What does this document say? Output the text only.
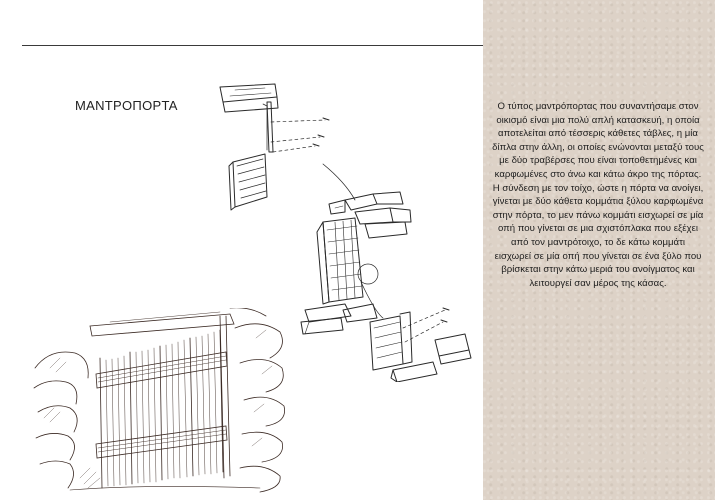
ΜΑΝΤΡΟΠΟΡΤΑ	Ο τύπος μαντρόπορτας που συναντήσαμε στον οικισμό είναι μια πολύ απλή κατασκευή, η οποία αποτελείται από τέσσερις κάθετες τάβλες, η μία δίπλα στην άλλη, οι οποίες ενώνονται μεταξύ τους με δύο τραβέρσες που είναι τοποθετημένες και καρφωμένες στο άνω και κάτω άκρο της πόρτας. Η σύνδεση με τον τοίχο, ώστε η πόρτα να ανοίγει, γίνεται με δύο κάθετα κομμάτια ξύλου καρφωμένα στην πόρτα, το μεν πάνω κομμάτι εισχωρεί σε μία οπή που γίνεται σε μια σχιστόπλακα που εξέχει από τον μαντρότοιχο, το δε κάτω κομμάτι εισχωρεί σε μία οπή που γίνεται σε ένα ξύλο που βρίσκεται στην κάτω μεριά του ανοίγματος και λειτουργεί σαν μέρος της κάσας.
